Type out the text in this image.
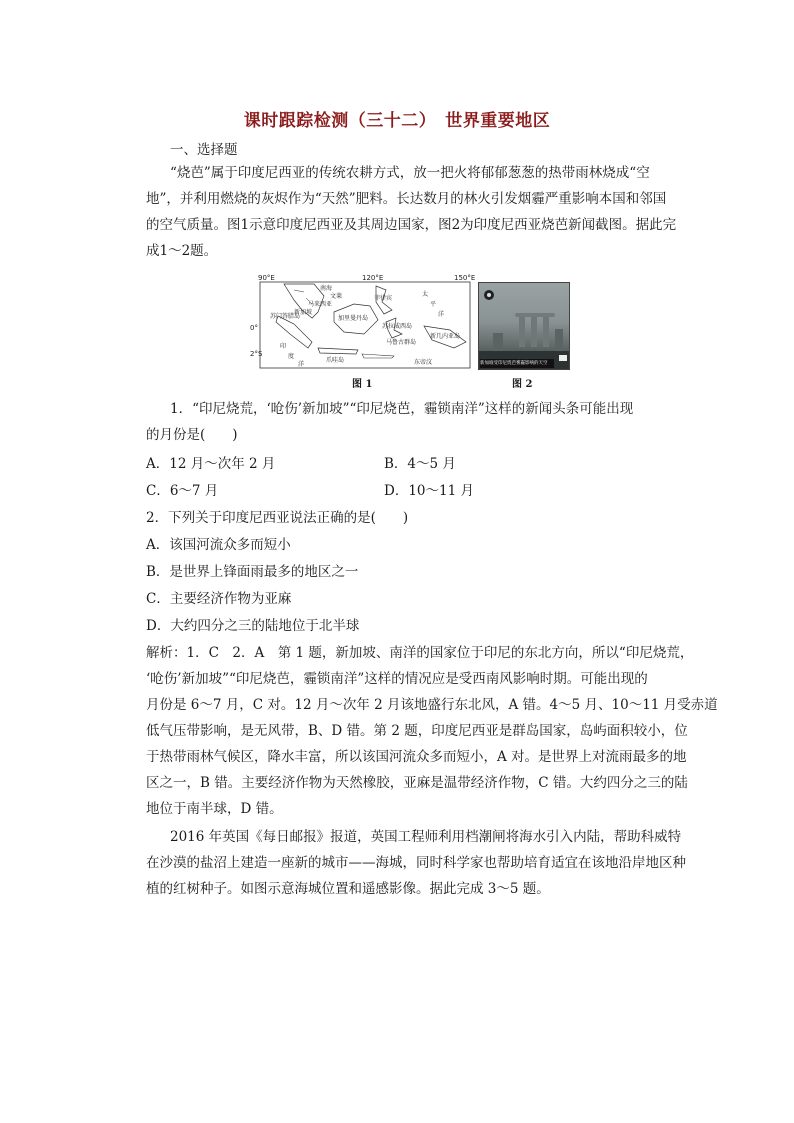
课时跟踪检测（三十二）　世界重要地区
一、选择题
“烧芭”属于印度尼西亚的传统农耕方式，放一把火将郁郁葱葱的热带雨林烧成“空
地”，并利用燃烧的灰烬作为“天然”肥料。长达数月的林火引发烟霾严重影响本国和邻国
的空气质量。图1示意印度尼西亚及其周边国家，图2为印度尼西亚烧芭新闻截图。据此完
成1～2题。
90°E	120°E	150°E
0°
2°S
南海
太
平
洋
马来西亚
文莱
苏门答腊岛
新加坡
加里曼丹岛
苏拉威西岛
马鲁古群岛
新几内亚岛
爪哇岛	东帝汶
印
度
洋
菲律宾
新加坡受印尼烧芭雾霾影响的天空
图 1	图 2
1．“印尼烧荒，‘呛伤’新加坡”“印尼烧芭，霾锁南洋”这样的新闻头条可能出现
的月份是(　　)
A．12 月～次年 2 月	B．4～5 月
C．6～7 月	D．10～11 月
2．下列关于印度尼西亚说法正确的是(　　)
A．该国河流众多而短小
B．是世界上锋面雨最多的地区之一
C．主要经济作物为亚麻
D．大约四分之三的陆地位于北半球
解析：1．C　2．A　第 1 题，新加坡、南洋的国家位于印尼的东北方向，所以“印尼烧荒，
‘呛伤’新加坡”“印尼烧芭，霾锁南洋”这样的情况应是受西南风影响时期。可能出现的
月份是 6～7 月，C 对。12 月～次年 2 月该地盛行东北风，A 错。4～5 月、10～11 月受赤道
低气压带影响，是无风带，B、D 错。第 2 题，印度尼西亚是群岛国家，岛屿面积较小，位
于热带雨林气候区，降水丰富，所以该国河流众多而短小，A 对。是世界上对流雨最多的地
区之一，B 错。主要经济作物为天然橡胶，亚麻是温带经济作物，C 错。大约四分之三的陆
地位于南半球，D 错。
2016 年英国《每日邮报》报道，英国工程师利用档潮闸将海水引入内陆，帮助科威特
在沙漠的盐沼上建造一座新的城市——海城，同时科学家也帮助培育适宜在该地沿岸地区种
植的红树种子。如图示意海城位置和遥感影像。据此完成 3～5 题。
